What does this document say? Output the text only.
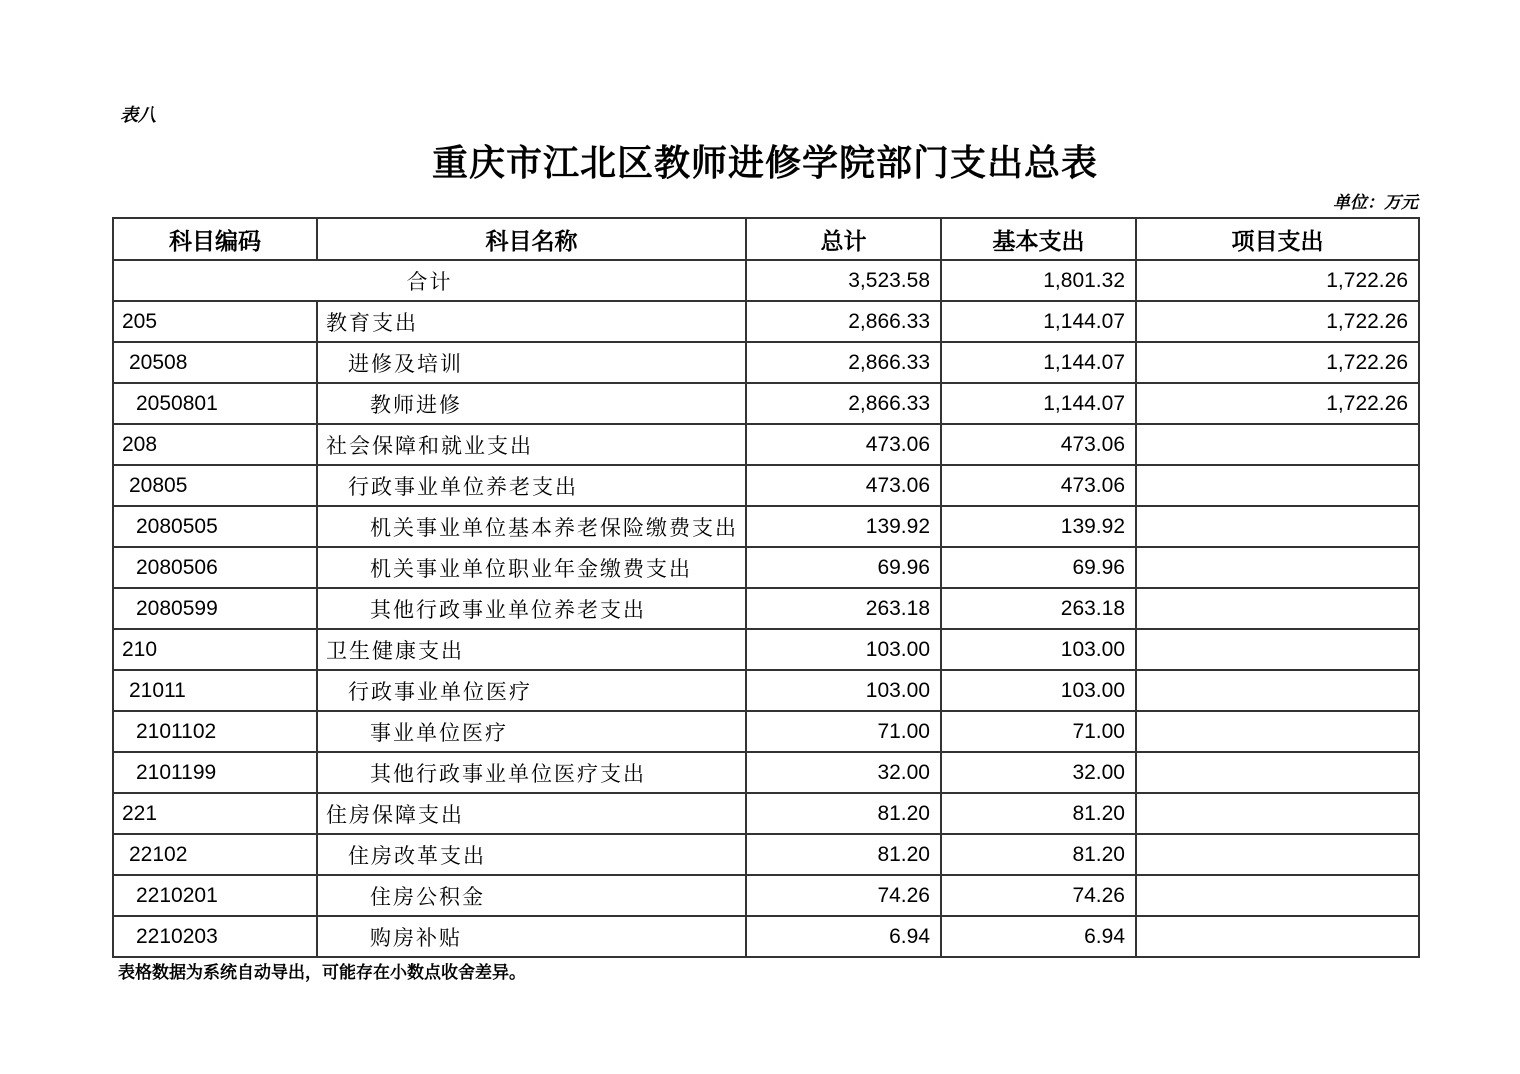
表八
重庆市江北区教师进修学院部门支出总表
单位：万元
科目编码	科目名称	总计	基本支出	项目支出
合计		3,523.58	1,801.32	1,722.26
205	教育支出	2,866.33	1,144.07	1,722.26
20508	进修及培训	2,866.33	1,144.07	1,722.26
2050801	教师进修	2,866.33	1,144.07	1,722.26
208	社会保障和就业支出	473.06	473.06	
20805	行政事业单位养老支出	473.06	473.06	
2080505	机关事业单位基本养老保险缴费支出	139.92	139.92	
2080506	机关事业单位职业年金缴费支出	69.96	69.96	
2080599	其他行政事业单位养老支出	263.18	263.18	
210	卫生健康支出	103.00	103.00	
21011	行政事业单位医疗	103.00	103.00	
2101102	事业单位医疗	71.00	71.00	
2101199	其他行政事业单位医疗支出	32.00	32.00	
221	住房保障支出	81.20	81.20	
22102	住房改革支出	81.20	81.20	
2210201	住房公积金	74.26	74.26	
2210203	购房补贴	6.94	6.94	
表格数据为系统自动导出，可能存在小数点收舍差异。
